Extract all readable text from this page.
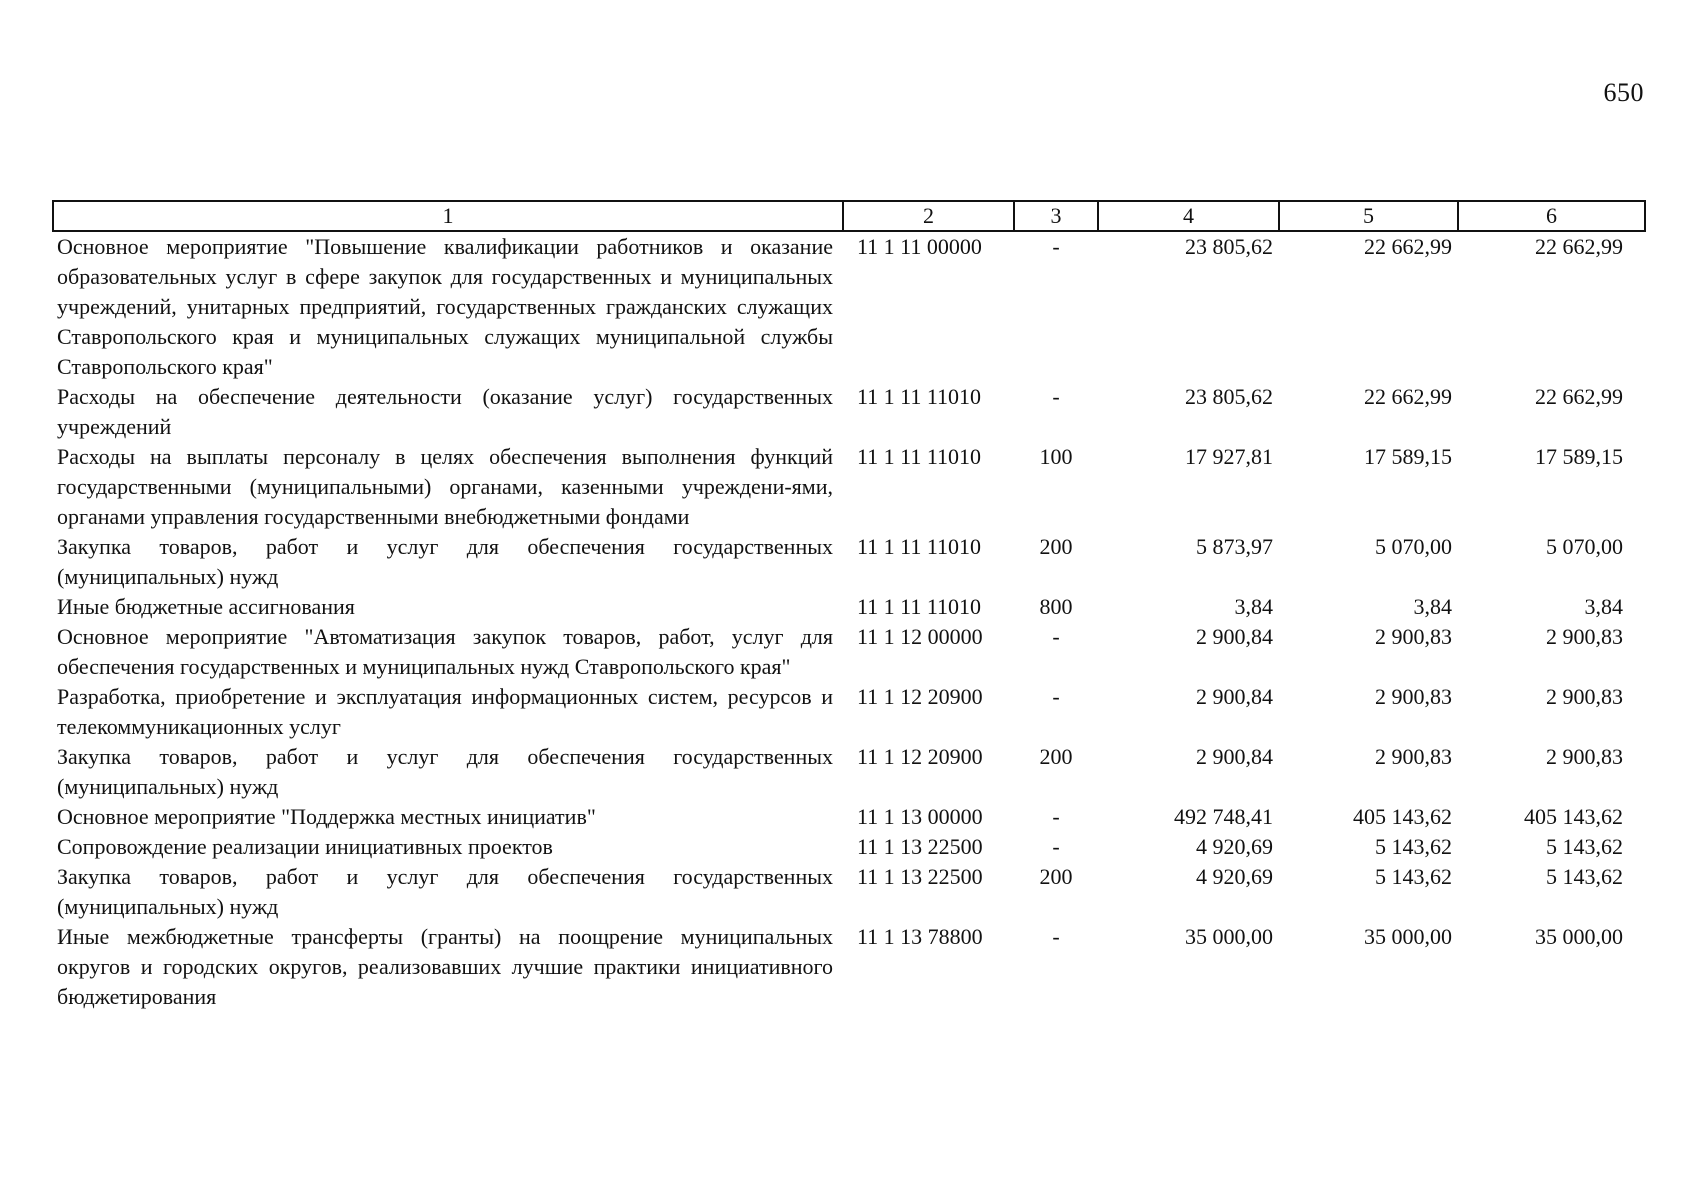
650
1	2	3	4	5	6
Основное мероприятие "Повышение квалификации работников и оказание образовательных услуг в сфере закупок для государственных и муниципальных учреждений, унитарных предприятий, государственных гражданских служащих Ставропольского края и муниципальных служащих муниципальной службы Ставропольского края"	11 1 11 00000	-	23 805,62	22 662,99	22 662,99
Расходы на обеспечение деятельности (оказание услуг) государственных учреждений	11 1 11 11010	-	23 805,62	22 662,99	22 662,99
Расходы на выплаты персоналу в целях обеспечения выполнения функций государственными (муниципальными) органами, казенными учреждени-ями, органами управления государственными внебюджетными фондами	11 1 11 11010	100	17 927,81	17 589,15	17 589,15
Закупка товаров, работ и услуг для обеспечения государственных (муниципальных) нужд	11 1 11 11010	200	5 873,97	5 070,00	5 070,00
Иные бюджетные ассигнования	11 1 11 11010	800	3,84	3,84	3,84
Основное мероприятие "Автоматизация закупок товаров, работ, услуг для обеспечения государственных и муниципальных нужд Ставропольского края"	11 1 12 00000	-	2 900,84	2 900,83	2 900,83
Разработка, приобретение и эксплуатация информационных систем, ресурсов и телекоммуникационных услуг	11 1 12 20900	-	2 900,84	2 900,83	2 900,83
Закупка товаров, работ и услуг для обеспечения государственных (муниципальных) нужд	11 1 12 20900	200	2 900,84	2 900,83	2 900,83
Основное мероприятие "Поддержка местных инициатив"	11 1 13 00000	-	492 748,41	405 143,62	405 143,62
Сопровождение реализации инициативных проектов	11 1 13 22500	-	4 920,69	5 143,62	5 143,62
Закупка товаров, работ и услуг для обеспечения государственных (муниципальных) нужд	11 1 13 22500	200	4 920,69	5 143,62	5 143,62
Иные межбюджетные трансферты (гранты) на поощрение муниципальных округов и городских округов, реализовавших лучшие практики инициативного бюджетирования	11 1 13 78800	-	35 000,00	35 000,00	35 000,00
